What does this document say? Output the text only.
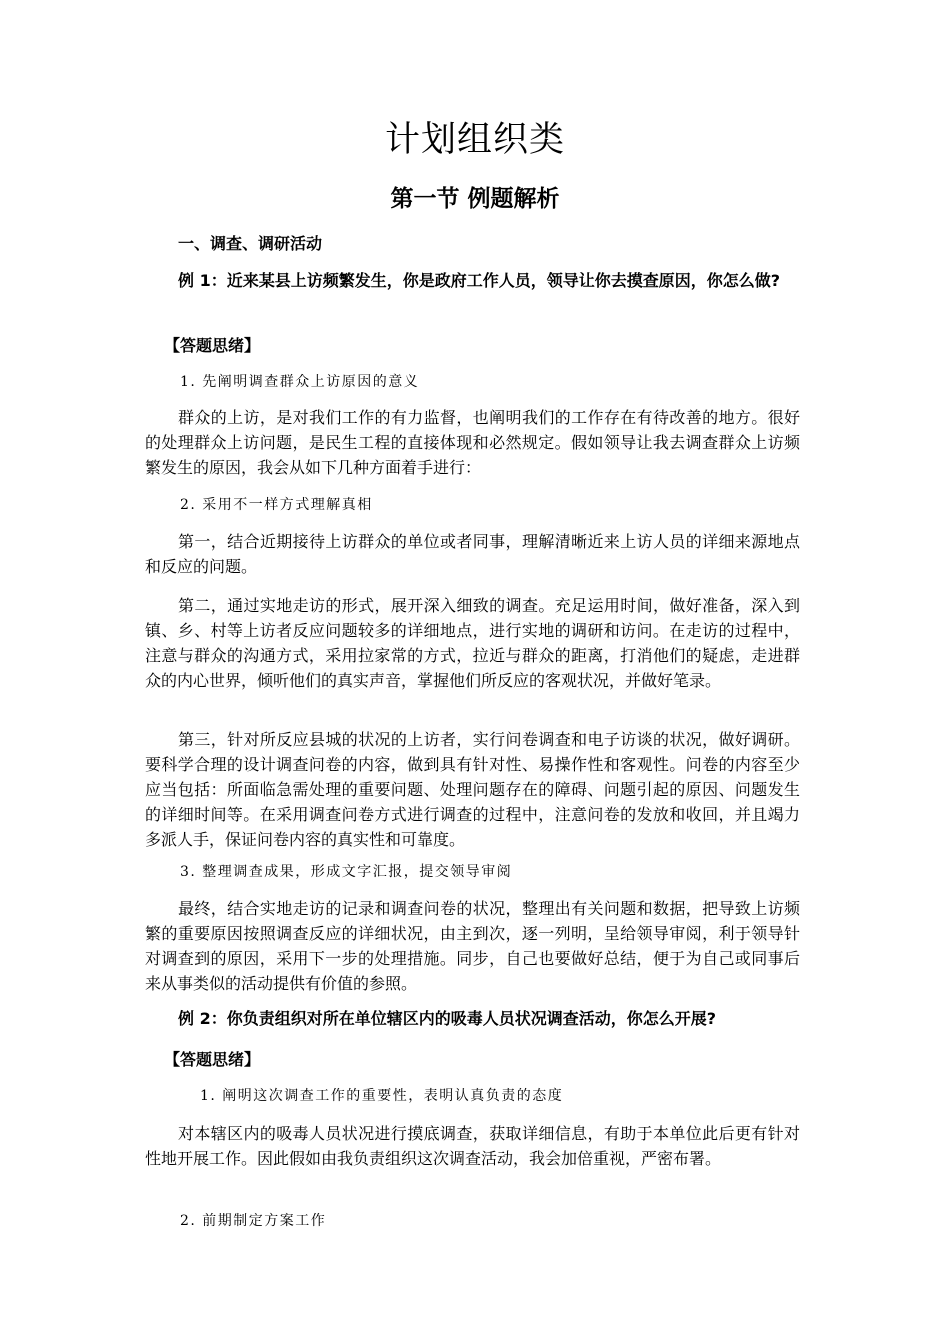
计划组织类
第一节 例题解析
一、调查、调研活动
例 1：近来某县上访频繁发生，你是政府工作人员，领导让你去摸查原因，你怎么做?
【答题思绪】
1. 先阐明调查群众上访原因的意义
群众的上访，是对我们工作的有力监督，也阐明我们的工作存在有待改善的地方。很好的处理群众上访问题，是民生工程的直接体现和必然规定。假如领导让我去调查群众上访频繁发生的原因，我会从如下几种方面着手进行：
2. 采用不一样方式理解真相
第一，结合近期接待上访群众的单位或者同事，理解清晰近来上访人员的详细来源地点和反应的问题。
第二，通过实地走访的形式，展开深入细致的调查。充足运用时间，做好准备，深入到镇、乡、村等上访者反应问题较多的详细地点，进行实地的调研和访问。在走访的过程中，注意与群众的沟通方式，采用拉家常的方式，拉近与群众的距离，打消他们的疑虑，走进群众的内心世界，倾听他们的真实声音，掌握他们所反应的客观状况，并做好笔录。
第三，针对所反应县城的状况的上访者，实行问卷调查和电子访谈的状况，做好调研。要科学合理的设计调查问卷的内容，做到具有针对性、易操作性和客观性。问卷的内容至少应当包括：所面临急需处理的重要问题、处理问题存在的障碍、问题引起的原因、问题发生的详细时间等。在采用调查问卷方式进行调查的过程中，注意问卷的发放和收回，并且竭力多派人手，保证问卷内容的真实性和可靠度。
3. 整理调查成果，形成文字汇报，提交领导审阅
最终，结合实地走访的记录和调查问卷的状况，整理出有关问题和数据，把导致上访频繁的重要原因按照调查反应的详细状况，由主到次，逐一列明，呈给领导审阅，利于领导针对调查到的原因，采用下一步的处理措施。同步，自己也要做好总结，便于为自己或同事后来从事类似的活动提供有价值的参照。
例 2：你负责组织对所在单位辖区内的吸毒人员状况调查活动，你怎么开展?
【答题思绪】
1. 阐明这次调查工作的重要性，表明认真负责的态度
对本辖区内的吸毒人员状况进行摸底调查，获取详细信息，有助于本单位此后更有针对性地开展工作。因此假如由我负责组织这次调查活动，我会加倍重视，严密布署。
2. 前期制定方案工作
